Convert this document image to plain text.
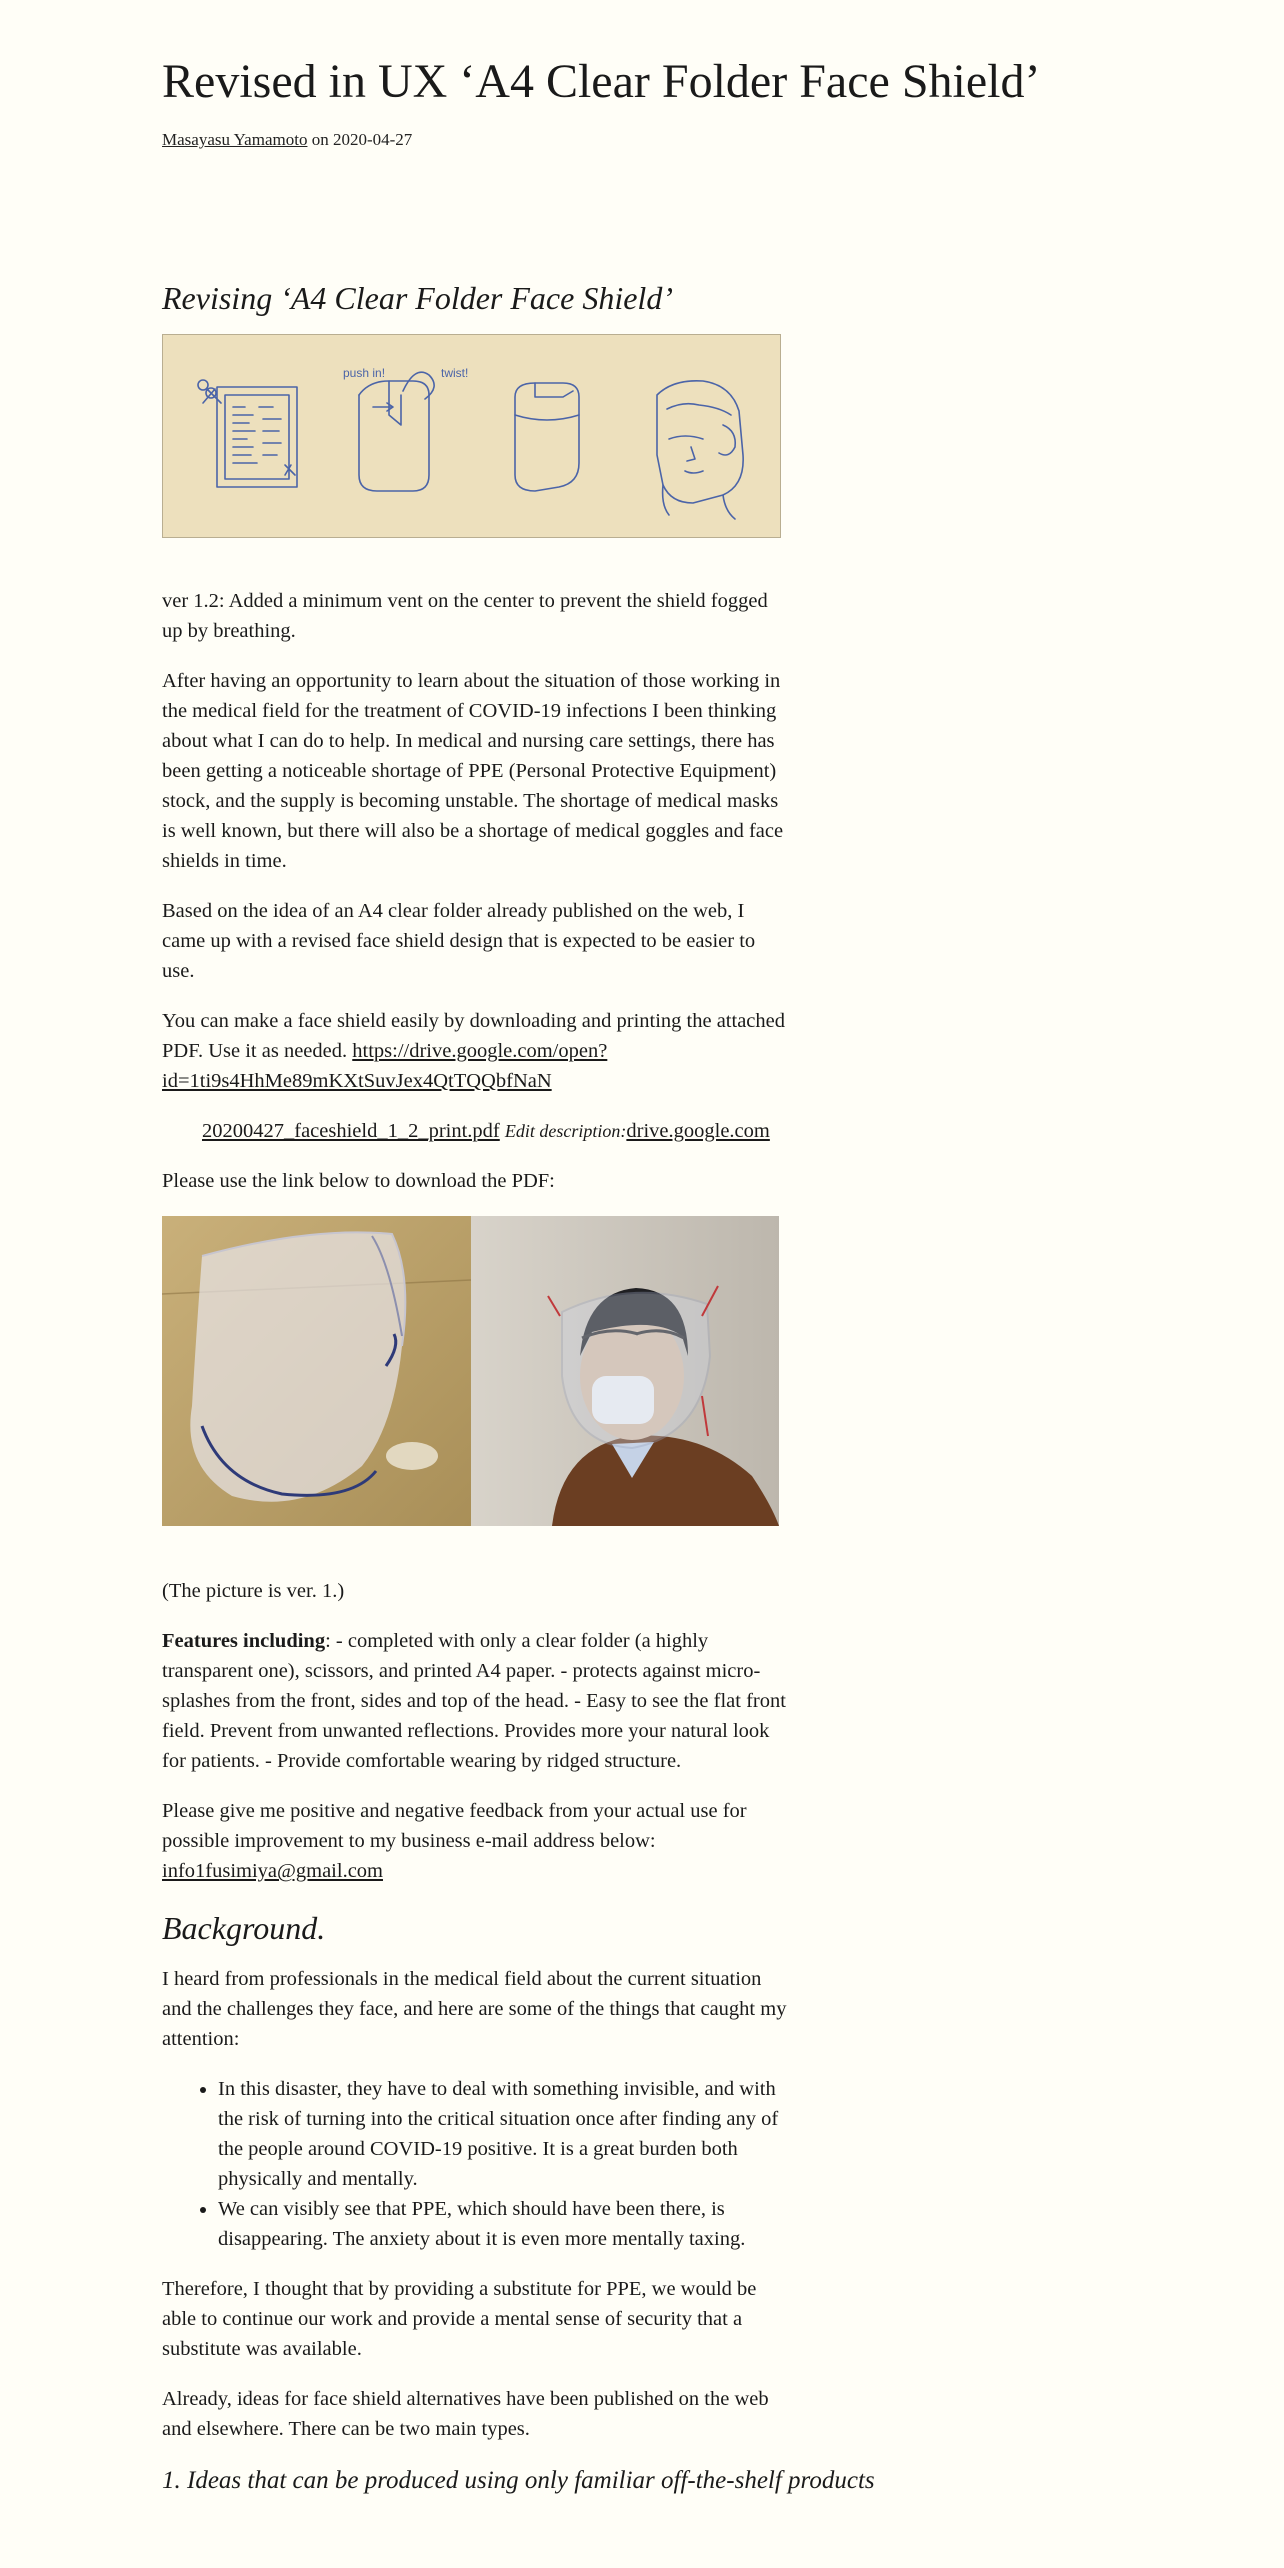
Revised in UX ‘A4 Clear Folder Face Shield’
Masayasu Yamamoto on 2020-04-27
Revising ‘A4 Clear Folder Face Shield’
push in!	twist!

ver 1.2: Added a minimum vent on the center to prevent the shield fogged up by breathing.

After having an opportunity to learn about the situation of those working in the medical field for the treatment of COVID-19 infections I been thinking about what I can do to help. In medical and nursing care settings, there has been getting a noticeable shortage of PPE (Personal Protective Equipment) stock, and the supply is becoming unstable. The shortage of medical masks is well known, but there will also be a shortage of medical goggles and face shields in time.

Based on the idea of an A4 clear folder already published on the web, I came up with a revised face shield design that is expected to be easier to use.

You can make a face shield easily by downloading and printing the attached PDF. Use it as needed. https://drive.google.com/open?id=1ti9s4HhMe89mKXtSuvJex4QtTQQbfNaN

20200427_faceshield_1_2_print.pdf Edit description:drive.google.com

Please use the link below to download the PDF:

(The picture is ver. 1.)

Features including: - completed with only a clear folder (a highly transparent one), scissors, and printed A4 paper. - protects against micro-splashes from the front, sides and top of the head. - Easy to see the flat front field. Prevent from unwanted reflections. Provides more your natural look for patients. - Provide comfortable wearing by ridged structure.

Please give me positive and negative feedback from your actual use for possible improvement to my business e-mail address below: info1fusimiya@gmail.com

Background.

I heard from professionals in the medical field about the current situation and the challenges they face, and here are some of the things that caught my attention:

• In this disaster, they have to deal with something invisible, and with the risk of turning into the critical situation once after finding any of the people around COVID-19 positive. It is a great burden both physically and mentally.
• We can visibly see that PPE, which should have been there, is disappearing. The anxiety about it is even more mentally taxing.

Therefore, I thought that by providing a substitute for PPE, we would be able to continue our work and provide a mental sense of security that a substitute was available.

Already, ideas for face shield alternatives have been published on the web and elsewhere. There can be two main types.

1. Ideas that can be produced using only familiar off-the-shelf products
